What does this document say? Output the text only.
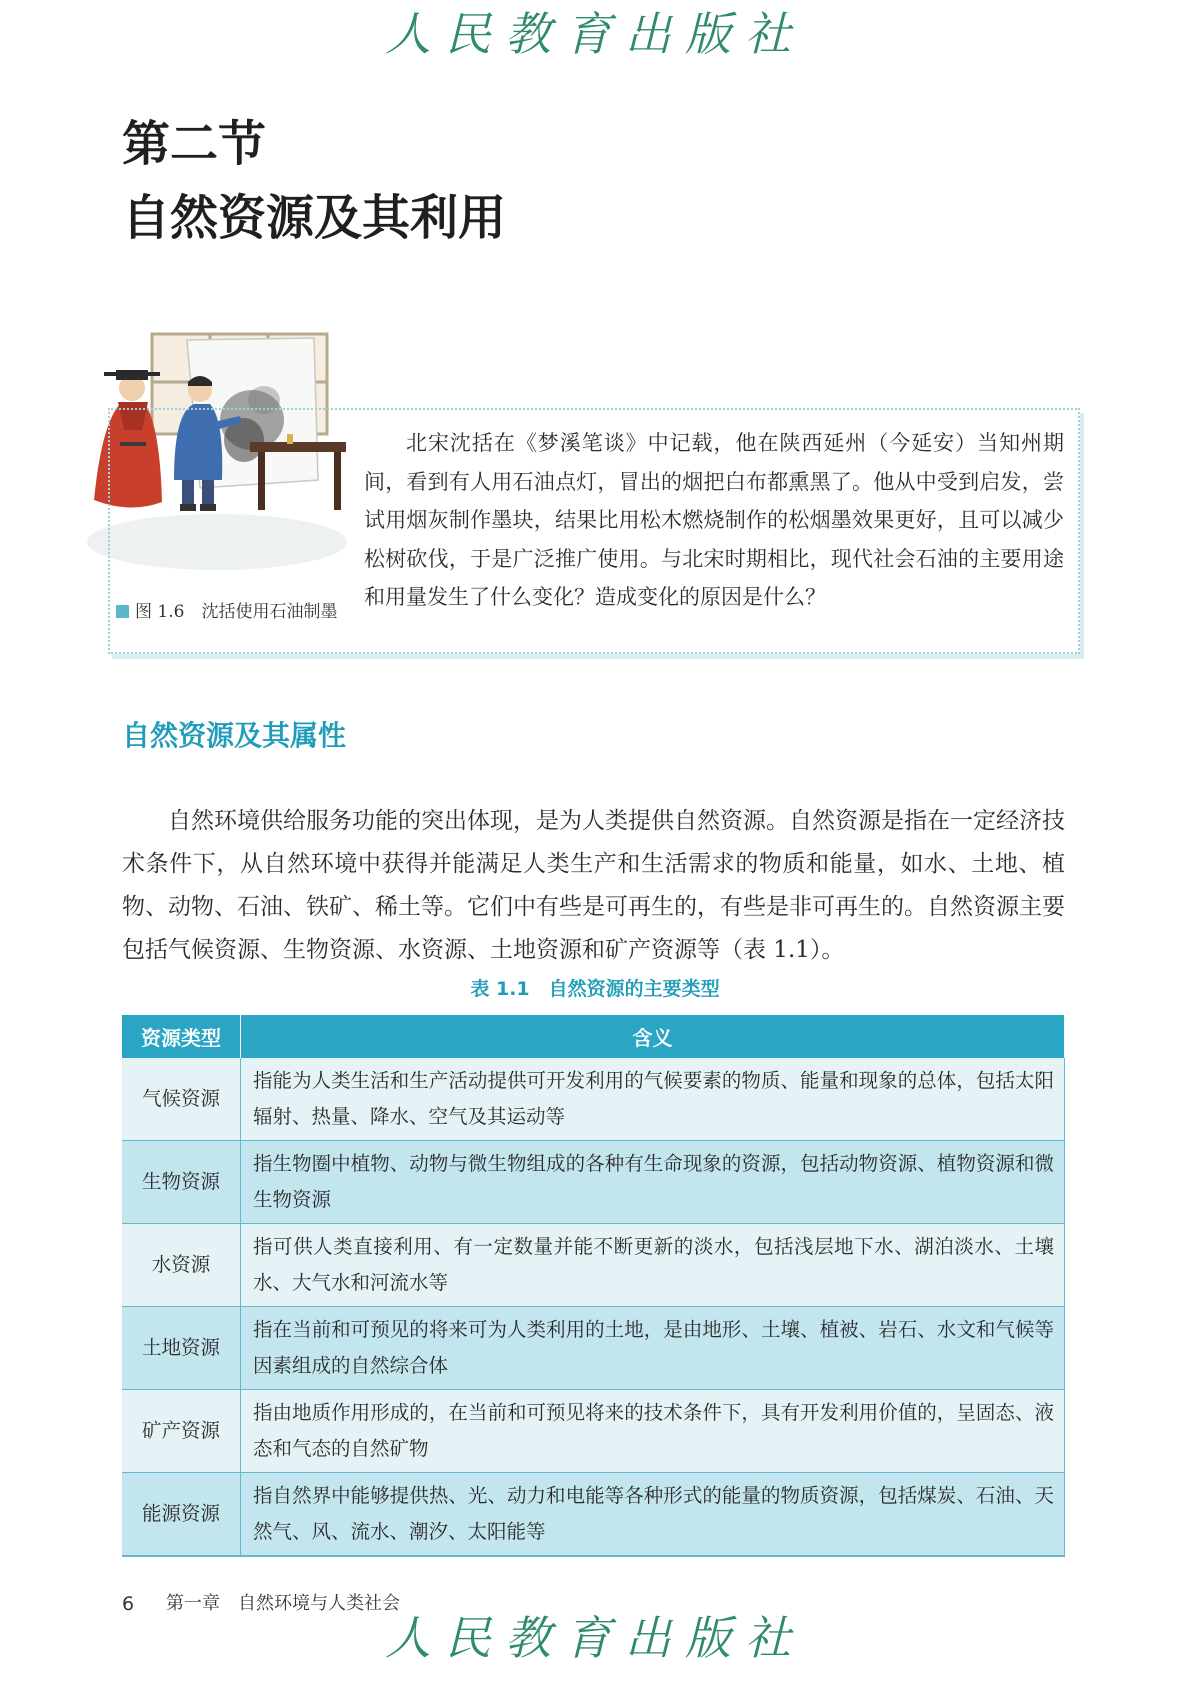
人民教育出版社
第二节
自然资源及其利用
图 1.6　沈括使用石油制墨
北宋沈括在《梦溪笔谈》中记载，他在陕西延州（今延安）当知州期间，看到有人用石油点灯，冒出的烟把白布都熏黑了。他从中受到启发，尝试用烟灰制作墨块，结果比用松木燃烧制作的松烟墨效果更好，且可以减少松树砍伐，于是广泛推广使用。与北宋时期相比，现代社会石油的主要用途和用量发生了什么变化？造成变化的原因是什么？
自然资源及其属性
自然环境供给服务功能的突出体现，是为人类提供自然资源。自然资源是指在一定经济技术条件下，从自然环境中获得并能满足人类生产和生活需求的物质和能量，如水、土地、植物、动物、石油、铁矿、稀土等。它们中有些是可再生的，有些是非可再生的。自然资源主要包括气候资源、生物资源、水资源、土地资源和矿产资源等（表 1.1）。
表 1.1　自然资源的主要类型
资源类型	含义
气候资源	指能为人类生活和生产活动提供可开发利用的气候要素的物质、能量和现象的总体，包括太阳辐射、热量、降水、空气及其运动等
生物资源	指生物圈中植物、动物与微生物组成的各种有生命现象的资源，包括动物资源、植物资源和微生物资源
水资源	指可供人类直接利用、有一定数量并能不断更新的淡水，包括浅层地下水、湖泊淡水、土壤水、大气水和河流水等
土地资源	指在当前和可预见的将来可为人类利用的土地，是由地形、土壤、植被、岩石、水文和气候等因素组成的自然综合体
矿产资源	指由地质作用形成的，在当前和可预见将来的技术条件下，具有开发利用价值的，呈固态、液态和气态的自然矿物
能源资源	指自然界中能够提供热、光、动力和电能等各种形式的能量的物质资源，包括煤炭、石油、天然气、风、流水、潮汐、太阳能等
6 第一章　自然环境与人类社会
人民教育出版社
